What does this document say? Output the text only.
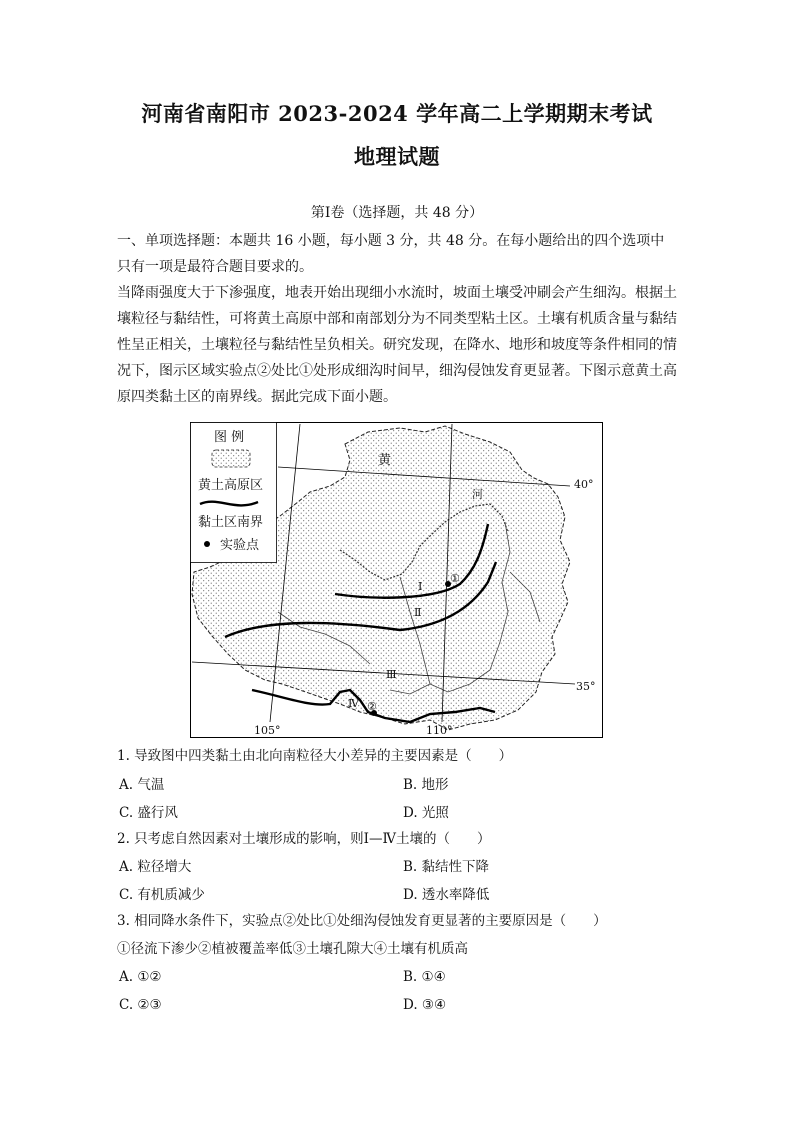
河南省南阳市 2023-2024 学年高二上学期期末考试
地理试题
第Ⅰ卷（选择题，共 48 分）

一、单项选择题：本题共 16 小题，每小题 3 分，共 48 分。在每小题给出的四个选项中只有一项是最符合题目要求的。

当降雨强度大于下渗强度，地表开始出现细小水流时，坡面土壤受冲刷会产生细沟。根据土壤粒径与黏结性，可将黄土高原中部和南部划分为不同类型粘土区。土壤有机质含量与黏结性呈正相关，土壤粒径与黏结性呈负相关。研究发现，在降水、地形和坡度等条件相同的情况下，图示区域实验点②处比①处形成细沟时间早，细沟侵蚀发育更显著。下图示意黄土高原四类黏土区的南界线。据此完成下面小题。

图 例
黄土高原区
黏土区南界
实验点
黄
河
40°
35°
105°	110°
Ⅰ
Ⅱ
Ⅲ
Ⅳ
①
②
1. 导致图中四类黏土由北向南粒径大小差异的主要因素是（　　）
A. 气温	B. 地形
C. 盛行风	D. 光照
2. 只考虑自然因素对土壤形成的影响，则Ⅰ—Ⅳ土壤的（　　）
A. 粒径增大	B. 黏结性下降
C. 有机质减少	D. 透水率降低
3. 相同降水条件下，实验点②处比①处细沟侵蚀发育更显著的主要原因是（　　）
①径流下渗少②植被覆盖率低③土壤孔隙大④土壤有机质高
A. ①②	B. ①④
C. ②③	D. ③④
